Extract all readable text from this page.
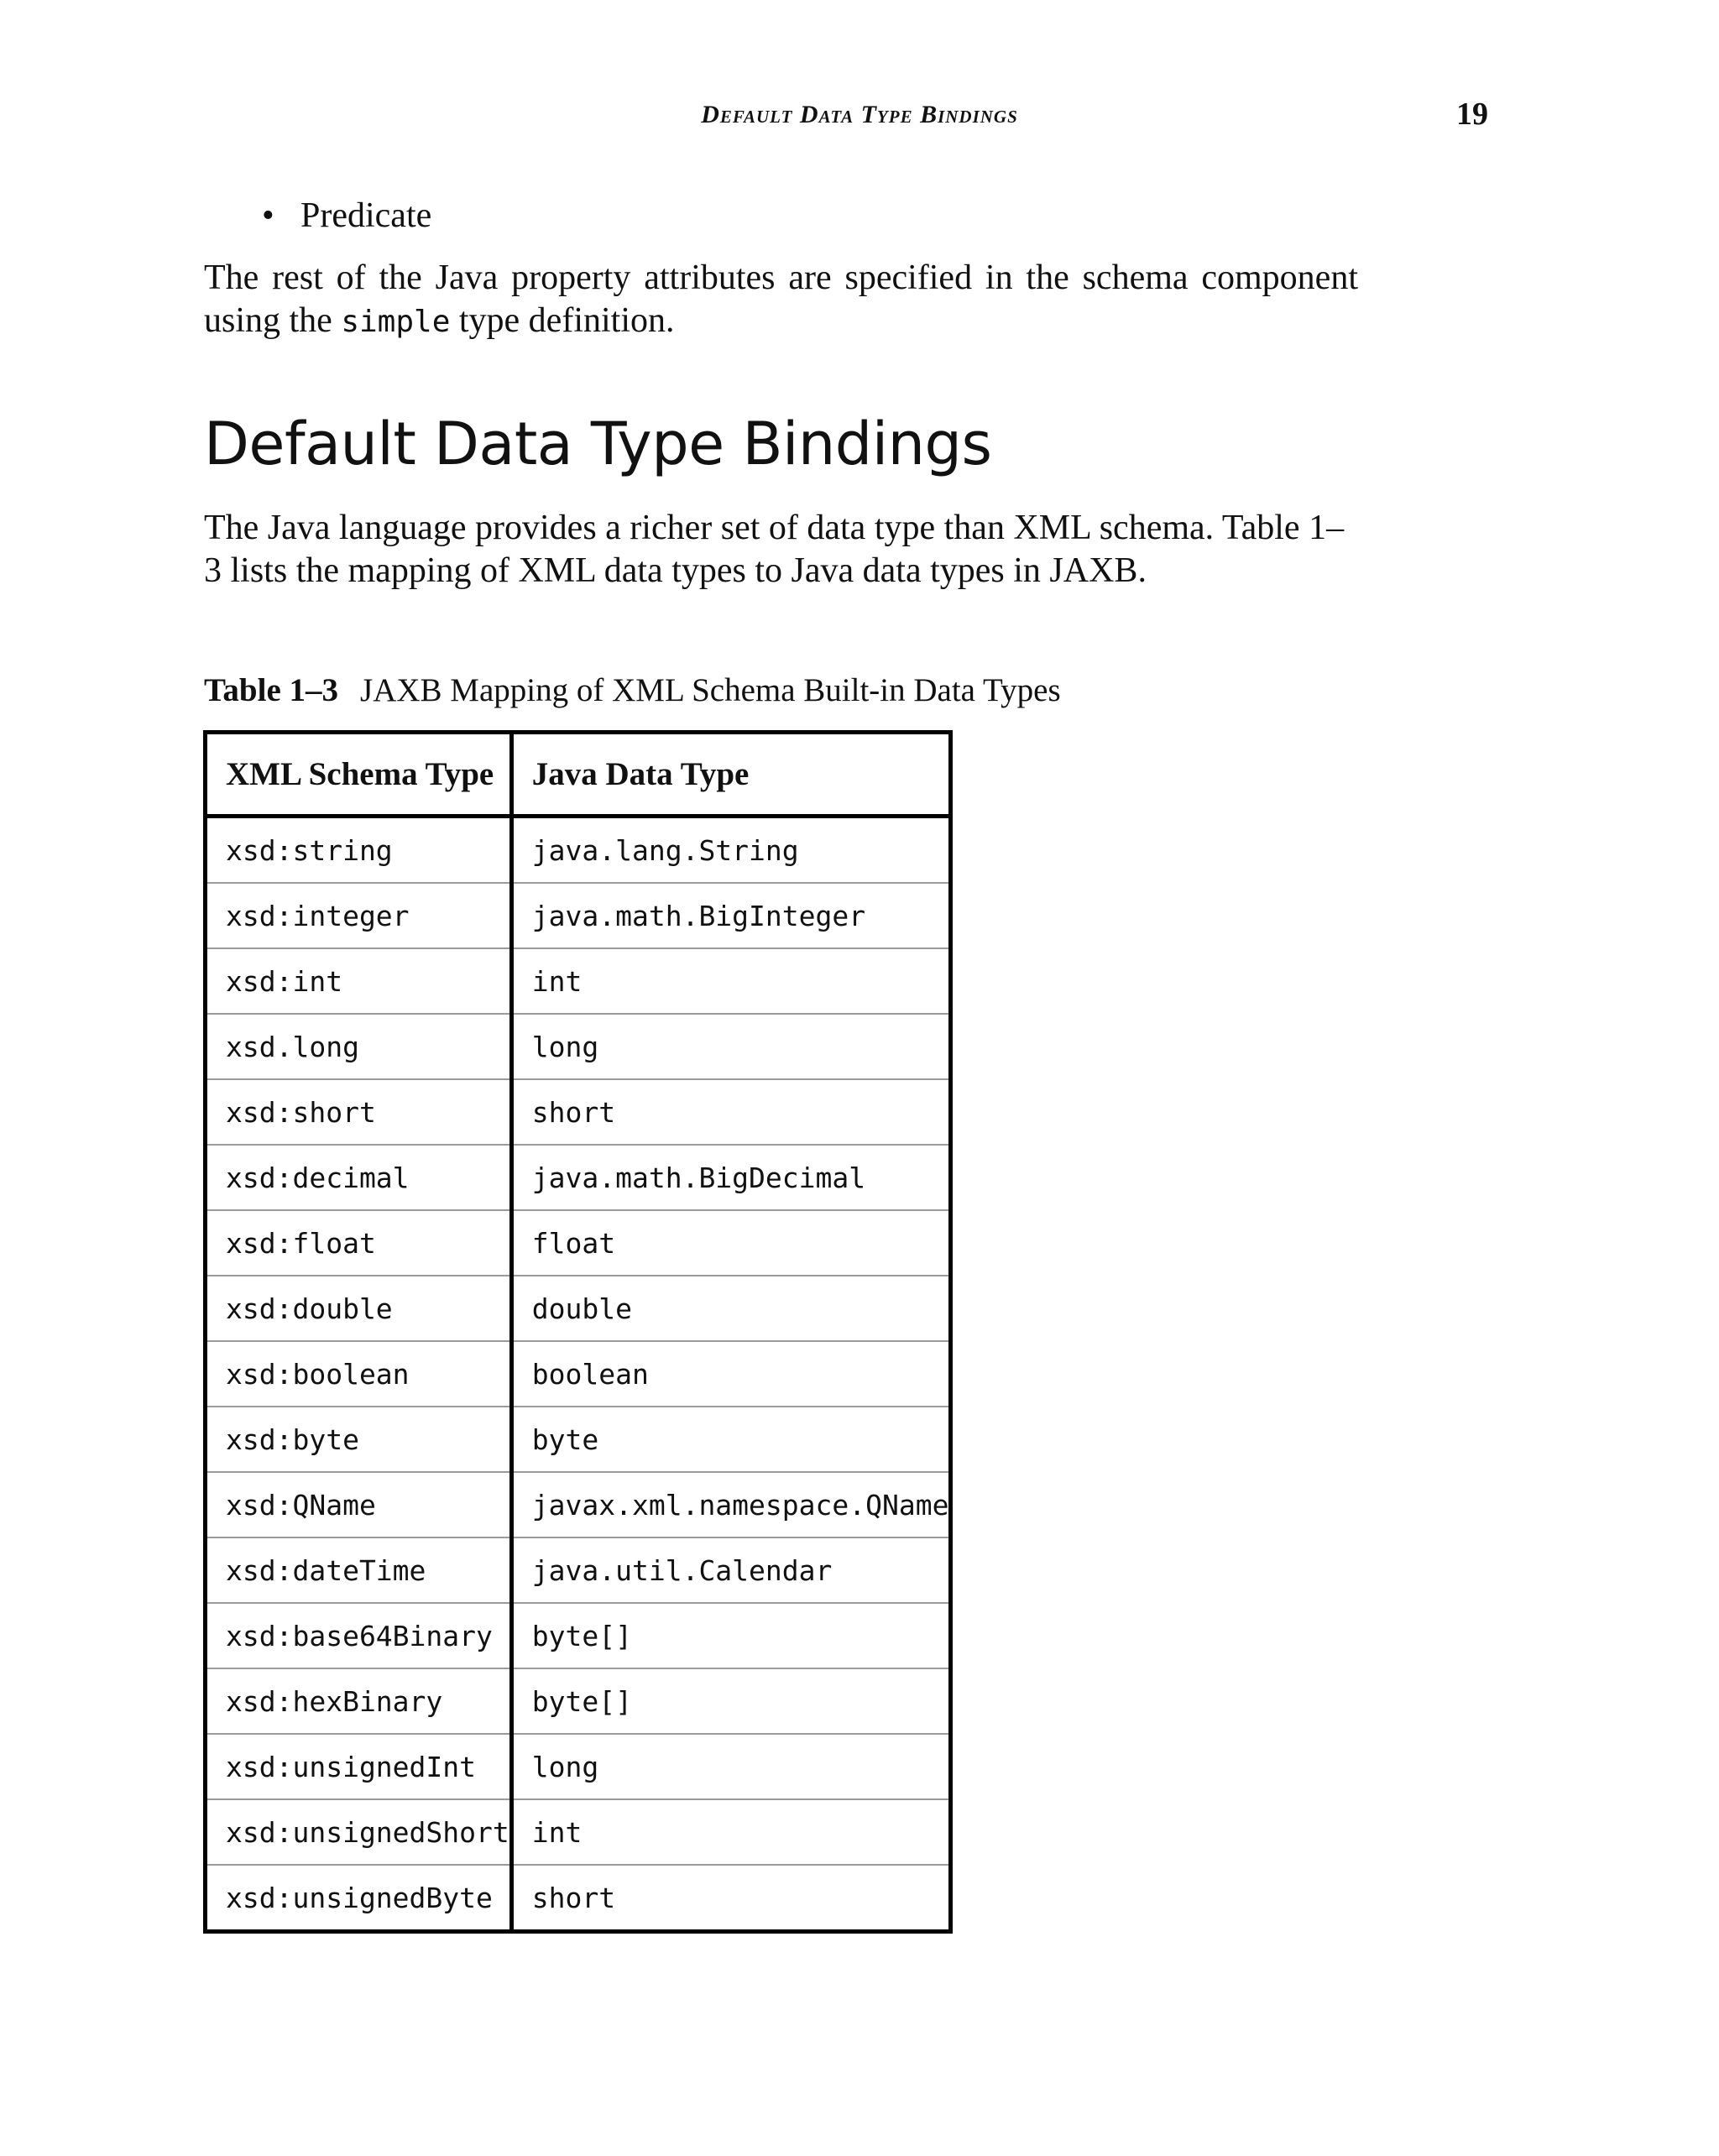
Default Data Type Bindings	19
• Predicate

The rest of the Java property attributes are specified in the schema component using the simple type definition.

Default Data Type Bindings

The Java language provides a richer set of data type than XML schema. Table 1–3 lists the mapping of XML data types to Java data types in JAXB.

Table 1–3 JAXB Mapping of XML Schema Built-in Data Types
XML Schema Type	Java Data Type
xsd:string	java.lang.String
xsd:integer	java.math.BigInteger
xsd:int	int
xsd.long	long
xsd:short	short
xsd:decimal	java.math.BigDecimal
xsd:float	float
xsd:double	double
xsd:boolean	boolean
xsd:byte	byte
xsd:QName	javax.xml.namespace.QName
xsd:dateTime	java.util.Calendar
xsd:base64Binary	byte[]
xsd:hexBinary	byte[]
xsd:unsignedInt	long
xsd:unsignedShort	int
xsd:unsignedByte	short
